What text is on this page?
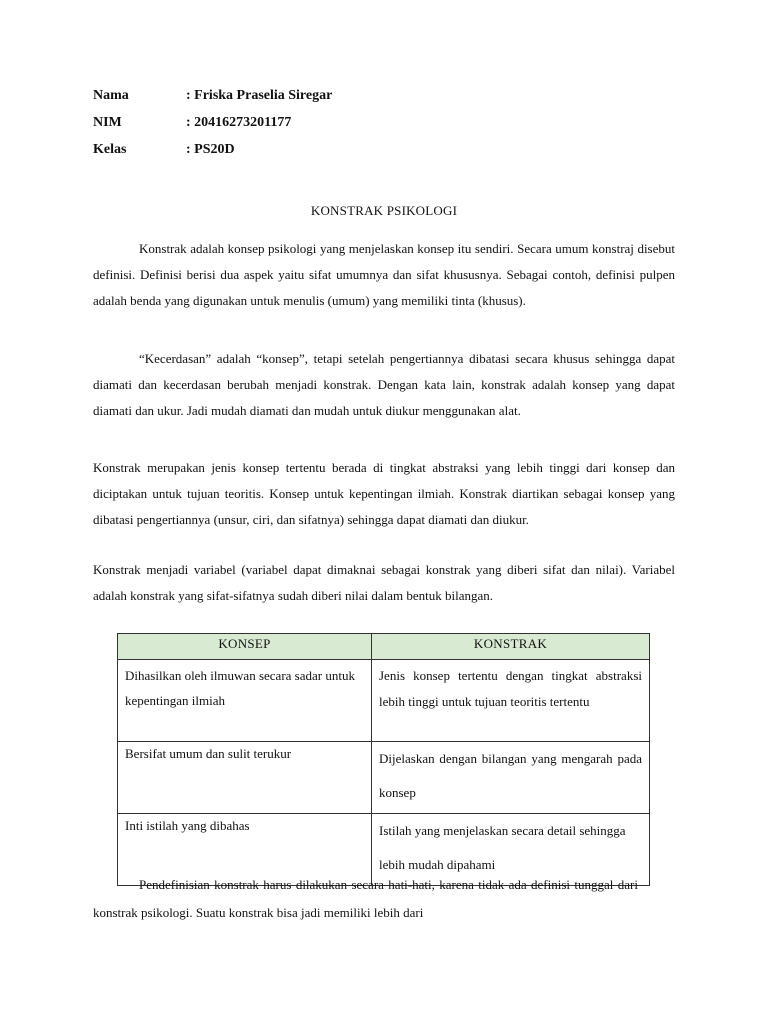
Nama	: Friska Praselia Siregar
NIM	: 20416273201177
Kelas	: PS20D
KONSTRAK PSIKOLOGI

Konstrak adalah konsep psikologi yang menjelaskan konsep itu sendiri. Secara umum konstraj disebut definisi. Definisi berisi dua aspek yaitu sifat umumnya dan sifat khususnya. Sebagai contoh, definisi pulpen adalah benda yang digunakan untuk menulis (umum) yang memiliki tinta (khusus).

“Kecerdasan” adalah “konsep”, tetapi setelah pengertiannya dibatasi secara khusus sehingga dapat diamati dan kecerdasan berubah menjadi konstrak. Dengan kata lain, konstrak adalah konsep yang dapat diamati dan ukur. Jadi mudah diamati dan mudah untuk diukur menggunakan alat.

Konstrak merupakan jenis konsep tertentu berada di tingkat abstraksi yang lebih tinggi dari konsep dan diciptakan untuk tujuan teoritis. Konsep untuk kepentingan ilmiah. Konstrak diartikan sebagai konsep yang dibatasi pengertiannya (unsur, ciri, dan sifatnya) sehingga dapat diamati dan diukur.

Konstrak menjadi variabel (variabel dapat dimaknai sebagai konstrak yang diberi sifat dan nilai). Variabel adalah konstrak yang sifat-sifatnya sudah diberi nilai dalam bentuk bilangan.

KONSEP	KONSTRAK
Dihasilkan oleh ilmuwan secara sadar untuk kepentingan ilmiah	Jenis konsep tertentu dengan tingkat abstraksi lebih tinggi untuk tujuan teoritis tertentu
Bersifat umum dan sulit terukur	Dijelaskan dengan bilangan yang mengarah pada konsep
Inti istilah yang dibahas	Istilah yang menjelaskan secara detail sehingga lebih mudah dipahami

Pendefinisian konstrak harus dilakukan secara hati-hati, karena tidak ada definisi tunggal dari konstrak psikologi. Suatu konstrak bisa jadi memiliki lebih dari
